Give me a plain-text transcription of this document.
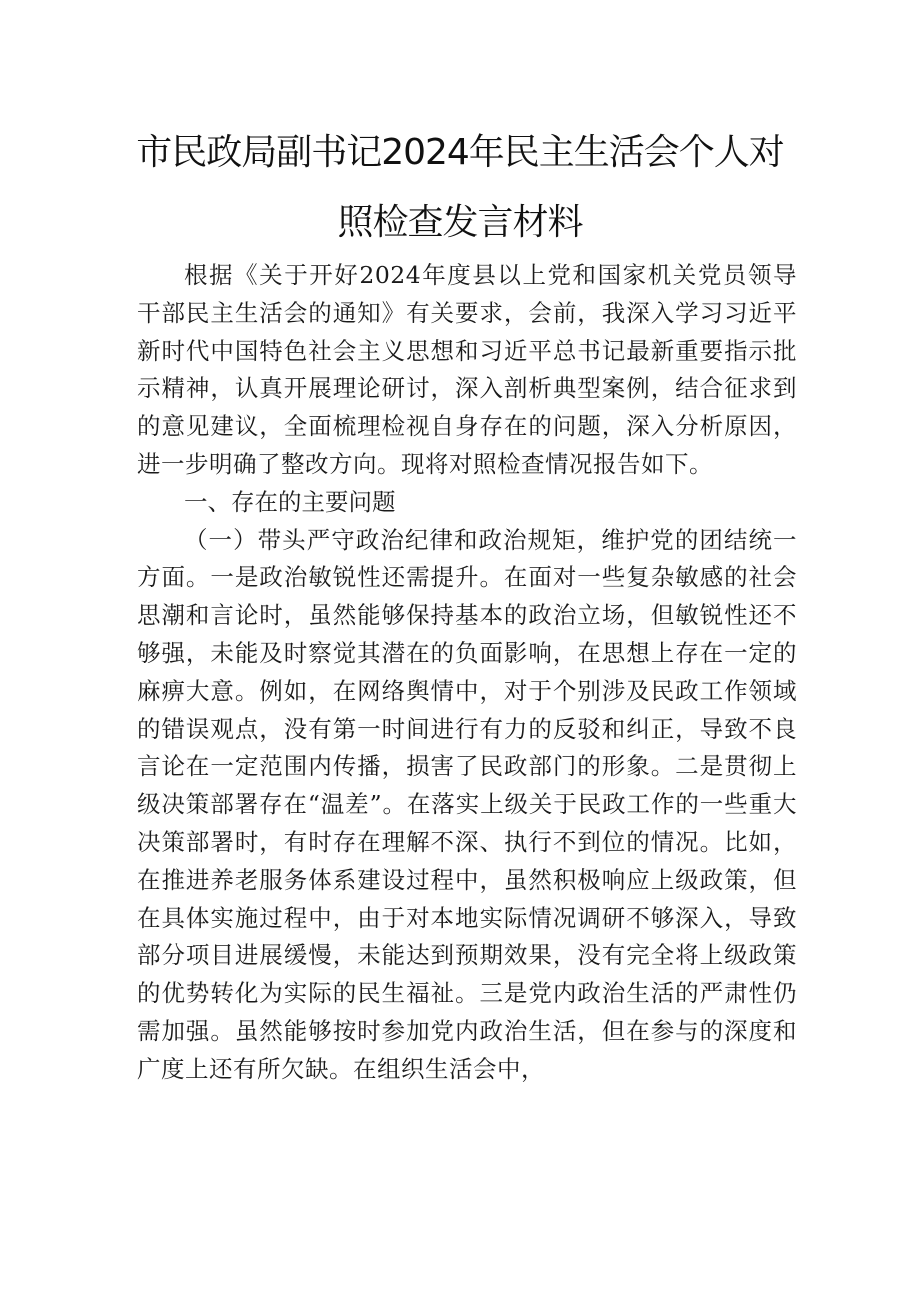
市民政局副书记2024年民主生活会个人对
照检查发言材料

根据《关于开好2024年度县以上党和国家机关党员领导干部民主生活会的通知》有关要求，会前，我深入学习习近平新时代中国特色社会主义思想和习近平总书记最新重要指示批示精神，认真开展理论研讨，深入剖析典型案例，结合征求到的意见建议，全面梳理检视自身存在的问题，深入分析原因，进一步明确了整改方向。现将对照检查情况报告如下。

一、存在的主要问题

（一）带头严守政治纪律和政治规矩，维护党的团结统一方面。一是政治敏锐性还需提升。在面对一些复杂敏感的社会思潮和言论时，虽然能够保持基本的政治立场，但敏锐性还不够强，未能及时察觉其潜在的负面影响，在思想上存在一定的麻痹大意。例如，在网络舆情中，对于个别涉及民政工作领域的错误观点，没有第一时间进行有力的反驳和纠正，导致不良言论在一定范围内传播，损害了民政部门的形象。二是贯彻上级决策部署存在“温差”。在落实上级关于民政工作的一些重大决策部署时，有时存在理解不深、执行不到位的情况。比如，在推进养老服务体系建设过程中，虽然积极响应上级政策，但在具体实施过程中，由于对本地实际情况调研不够深入，导致部分项目进展缓慢，未能达到预期效果，没有完全将上级政策的优势转化为实际的民生福祉。三是党内政治生活的严肃性仍需加强。虽然能够按时参加党内政治生活，但在参与的深度和广度上还有所欠缺。在组织生活会中，
